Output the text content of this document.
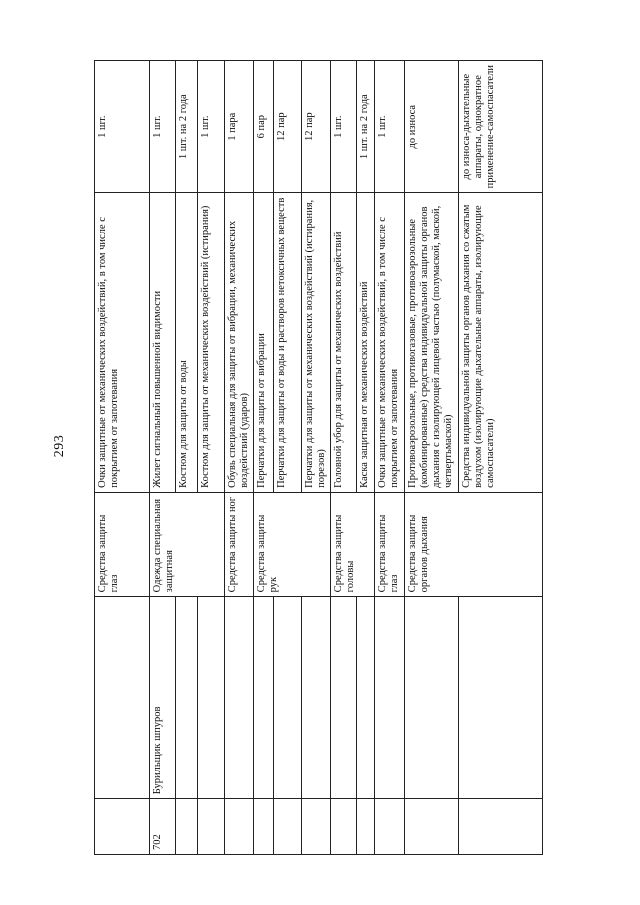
293
		Средства защиты глаз	Очки защитные от механических воздействий, в том числе с покрытием от запотевания	1 шт.
702	Бурильщик шпуров	Одежда специальная защитная	Жилет сигнальный повышенной видимости	1 шт.
			Костюм для защиты от воды	1 шт. на 2 года
			Костюм для защиты от механических воздействий (истирания)	1 шт.
		Средства защиты ног	Обувь специальная для защиты от вибрации, механических воздействий (ударов)	1 пара
		Средства защиты рук	Перчатки для защиты от вибрации	6 пар
			Перчатки для защиты от воды и растворов нетоксичных веществ	12 пар
			Перчатки для защиты от механических воздействий (истирания, порезов)	12 пар
		Средства защиты головы	Головной убор для защиты от механических воздействий	1 шт.
			Каска защитная от механических воздействий	1 шт. на 2 года
		Средства защиты глаз	Очки защитные от механических воздействий, в том числе с покрытием от запотевания	1 шт.
		Средства защиты органов дыхания	Противоаэрозольные, противогазовые, противоаэрозольные (комбинированные) средства индивидуальной защиты органов дыхания с изолирующей лицевой частью (полумаской, маской, четвертьмаской)	до износа
			Средства индивидуальной защиты органов дыхания со сжатым воздухом (изолирующие дыхательные аппараты, изолирующие самоспасатели)	до износа-дыхательные аппараты, однократное применение-самоспасатели
